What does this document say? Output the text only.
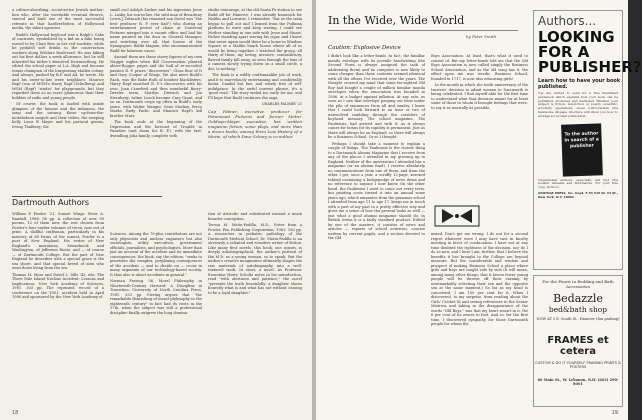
a culture-absorbing, social-active Jewish mother-hen who, after the inevitable eventual divorce, started and built one of the most successful retreats in that hardest-bitten of Hollywood media, the talent agencies.

Budd's Hollywood boyhood was a Ralph's Cake of contrasts, symbolized by a kid on a bike being waved to by Clara Bow in her red roadster, while he pedaled soft drinks to the construction workers along Wilshire Boulevard. He was hiking out his first dollars a week allowance, but he still inherited his father's dissolved Dartmouthing. He edited the school paper at L.A. High and became tennis champion of the burgeoning Malibu colony. And always, pushed by B.P. and Ad, he wrote. He and his sister-in-law were neighbors: Maurice Rapf (son of MGM's Harry Rapf (Schulberg) and MGM (Rapf) "studio" for playgrounds, but they regarded them as no more glamorous than their hobbies of radio and young people.

Of course, the book is loaded with inside glimpses of the famous and the infamous, the song and the unsung: these up-from-the-nickelodeon moguls and their tribes, the weeping bully Louis B Mayer and his pastoral genius, Irving Thalberg; the

small cool Adolph Zucker and his ingenious Jesse L. Lasky, his son-in-law, the wild man of Broadway Lewis J Zelznick (his renamed son David was "the best producer B. P. ever had") who during an entertainment period of chaos at Universal Pictures merged into a vacant office and had his name painted on the door as General Manager, and watching over all, that horror of the Synagogues Rabbi Magnin, who excommunicated Budd for hilarious cause.

Around them are those starry figures of my own Nugget nights when Bill Conversation planted above-flogger pages and the hall of re-recorded passion B. P. prizes "discoveries": Clara Bow of It and Gary Cooper of Wings. We also meet Budd's Rach, was the Babe Ruth of boudoir blacklisters. Harry Rapf marched B. P.'s discoveries with his own: Joan Crawford and then wonderful Barry-Dresler team, Marilyn Dietrich and Jon Sternberg; Arline Leach become Cary Grant, and so on. Dartmouth crops up often in Budd's early years, with Walter Wanger, Gene Markey, Percy Marks, Rudy Pacht, and Maurice Rapf's kid brother Marv.

The book ends at the beginning of the Depression and the forecast of Trouble in Paradise (and doom for B. P.), with the fast-dwindling Julia family, complete with

studio entourage, at the old Santa Fe station to see Budd off for Hanover. I was already homesick for Malibu and Lorraine. I remember, "but as the train began to pull out and I leaned from the Pullman platform to wave and keep waving, I could see Mother standing in one side with Jesse and Stuart, Father standing apart waving his cigar, and I knew that never again would there be a home in Windsor Square or a Malibu beach house where all of us would be living together. I watched the group, all thirty of them, my loving, invasive, contradictory, flawed family fall away, as seen through the lens of a camera slowly trying down on a small circle, a dot, to nothing."

The book is a wildly craftsmanlike job of work, and it is marvelously entertaining and comfortably linear. Candid but fair, and wisely free of self-indulgence. In the awful current phrase, it's a 'good read.' The story ended too early for me, and I'll hope that Budd continues the saga.

CHARLES PALMER '25

Cap Palmer, executive producer for Paramount Pictures and former Metro-Goldwyn-Mayer executive, has written magazine fiction, some plays, and more than a dozen books, among them Low History of a Movie, of which Dave Schary is co-author.

Dartmouth Authors

William P. Fowler '21, Sunset Wings. Peter A. Randall, 1986. 96 pp. A collection of over 90 poems, 12 of them new, the rest chosen from Fowler's four earlier volumes of verse, now out of print. A skillful craftsman, particularly in his mastery of all forms of the sonnet, Fowler is a poet of New England. His series of New England's mountains, Monadnock and Washington, of Jefferson Route, and — of course — of Dartmouth College. But the part of New England he describes with a special grace is the sea shore, and that special breed of men who went down living from the sea.

Thomas H. Moss and David L. Sills '42, eds. The Three Mile Island Nuclear Accident: Lessons and Implications. New York Academy of Sciences, 1981. 303 pp. The reprinted record of a conference on the T.M.I. accident held in April 1980 and sponsored by the New York Academy of

Sciences. Among the 70-plus contributors are not only physicists and nuclear engineers but also sociologists, utility executives, government officials, journalists, and psychologists. More than just an account of the accident and its immediate consequences, the book, say the editors, "seeks to penetrate the complex, perplexing consequences of the accident — and to decide on — occur in many segments of our technology-based society. It thus also is about accidents in general."

Norman Farring '36, Moral Philosophy in Nineteenth-Century Harvard: A Discipline in Transition. University of North Carolina Press, 1981. 333 pp. Fiering argues that "the remarkable flourishing of moral philosophy in the eighteenth century" in fact had its roots in the 17th, when the subject was still a professional discipline finally outgrew the long domina-

tion of Aristotle and substituted instead a much broader conception.

Teresa M. Matin-Padilla, M.D., Notes from a Fowler. Pen Publishing Corporation, 1981. 183 pp. A researcher in pediatric pathology of the Dartmouth Medical School, Dr. Matin-Padilla is an obviously a talented and sensitive writer of fiction. Like many first novels, this book, one senses, is deeply autobiographical, the author's portrait of the M.D. as a young woman, so to speak. But the author's creative imagination ultimately shapes the raw materials of autobiography into a well-textured work. In short, a novel. As Professor Ernestine Harry Scholtz notes in his introduction, read "with alertness and patience," the novel "presents the truth beautifully: a daughter shows honestly what is and what has not without ceasing to be a loyal daughter."

18
In the Wide, Wide World
by Peter Smith
Caution: Explosive Device

I didn't look like a letter-bomb. In fact, the familiar manila envelope with its juvenile handwriting (the Second Form is always assigned the task of addressing them) and no computer is now likely to come cheaper than these contents seemed identical with all the others I've received over the years. The thought crossed my mind that some far-sighted Old Boy had bought a couple of million familiar manila envelopes when the association was founded in 1906, at a budget against inflation. At any rate, as soon as I saw that envelope peeping out from under the pile of eminences from all and sundry, I knew that I could look forward to an hour or two of unresolved rambling through the corridors of boyhood memory. The school magazine, The Pauliensis, had arrived and with it, as it always comes for bonus for its rapidity is permanent. Just as there will always be an England, so there will always be a Business School. Or so I thought.

Perhaps I should take a moment to explain a couple of things. The Pauliensis is the closest thing to a Dartmouth Alumni Magazine that I receive from any of the places I attended in my growing up in England. Neither of the universities I attended has a magazine (or an alumni fund). I receive absolutely no communications from one of them, and from the other I get, once a year, a scruffy 12-page, xeroxed tabloid containing a hodgepodge of news items and no reference to anyone I now know. On the other hand, the Pauliensis I used to come out every term, but printing costs turned it into an annual some years ago, which emanates from the grammar school I attended from age 11 to age 17, keeps me in touch with a part of my past in a pretty effective way and gives me a sense of how the present looks as well — just what a good alumni magazine should do. In British terms it is a fairly standard product. Edited by one of the masters, it consists of news and articles — reports of school activities, concise written by current pupils, and a section devoted to the Old

Boys Association. At least, that's what it used to consist of. But my letter-bomb told me that the Old Boys Association is now called simply the Business School Association, and as the old song has it, the effect upon me was terrific. Business School, founded in 1717, is now also educating girls!

In the month in which the tenth anniversary of the trustees' decision to admit women to Dartmouth is being celebrated, I find myself able for the first time to understand what that decision meant for at least some of those to whom it brought feelings that were, to say it as neutrally as possible,

mixed. Don't get me wrong. I do not for a second regret whatever were I may have cast in faculty meeting in favor of coeducation. I have not at any time doubted the rightness of the decision, nor do I do so now, and I hear I am, further, that I believe the benefits it has brought to the College are beyond measure. But the considerable and wisdom and prospect of making Business School a place where girls and boys are taught side by side (it will mean, among many other things, that it favors fewer young people will be thrown off their earning by unremarkably selecting their sex and the opposite sex at the same moment.) So far as my head is concerned, I am 100 per cent for it. When I discovered, to my surprise, from reading about the Girls' Cricket XI and seeing references to the Senior Mistress and taking in the disappearance of the words "Old Boys," was that my heart wasn't in it, the 6 per cent of its owner to foot. And so, for the first time, I discovered sympathy for those Dartmouth people for whom the

Authors...
LOOKING FOR A PUBLISHER?
Learn how to have your book published.
You are invited to send for a free illustrated guidebook which explains how your book can be published, promoted and marketed. Whether your subject is fiction, non-fiction or poetry, scientific, scholarly, specialized, (even controversial) this handsome 40-page brochure will show you how to arrange for prompt publication.
To the author in search of a publisher
Unpublished authors, especially, will find this booklet valuable and informative. For your free copy, write to:
VANTAGE PRESS, Inc. Dept. F-53 516 W. 34 St., New York, N.Y. 10001
For the Finest in Bedding and Bath Accessories
Bedazzle
bed&bath shop
NOW AT 3 E. South St., Hanover (fun parking)
FRAMES et cetera
CUSTOM & DO IT YOURSELF FRAMING PRINTS & POSTERS
60 Main St., W. Lebanon, N.H. (603) 298-8001
19
